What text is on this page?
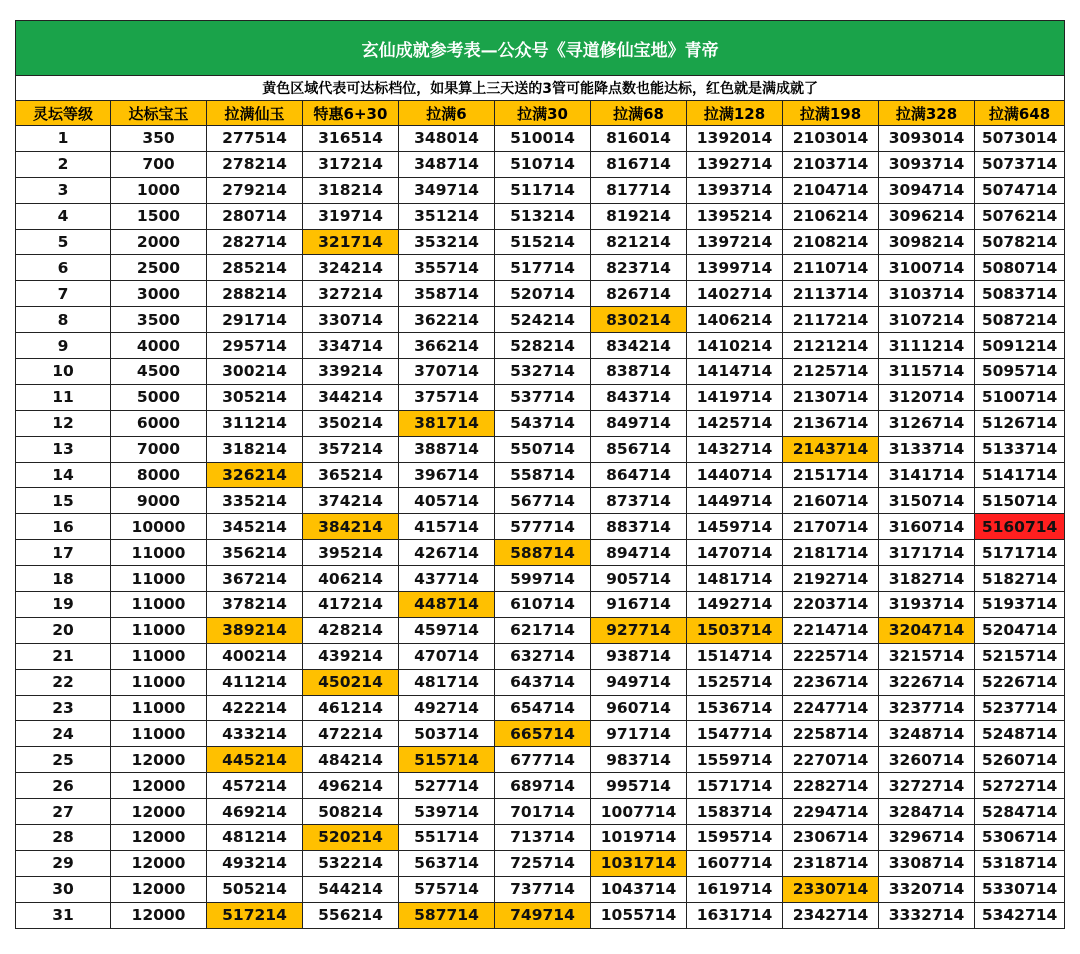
玄仙成就参考表—公众号《寻道修仙宝地》青帝										
黄色区域代表可达标档位，如果算上三天送的3管可能降点数也能达标，红色就是满成就了										
灵坛等级	达标宝玉	拉满仙玉	特惠6+30	拉满6	拉满30	拉满68	拉满128	拉满198	拉满328	拉满648
1	350	277514	316514	348014	510014	816014	1392014	2103014	3093014	5073014
2	700	278214	317214	348714	510714	816714	1392714	2103714	3093714	5073714
3	1000	279214	318214	349714	511714	817714	1393714	2104714	3094714	5074714
4	1500	280714	319714	351214	513214	819214	1395214	2106214	3096214	5076214
5	2000	282714	321714	353214	515214	821214	1397214	2108214	3098214	5078214
6	2500	285214	324214	355714	517714	823714	1399714	2110714	3100714	5080714
7	3000	288214	327214	358714	520714	826714	1402714	2113714	3103714	5083714
8	3500	291714	330714	362214	524214	830214	1406214	2117214	3107214	5087214
9	4000	295714	334714	366214	528214	834214	1410214	2121214	3111214	5091214
10	4500	300214	339214	370714	532714	838714	1414714	2125714	3115714	5095714
11	5000	305214	344214	375714	537714	843714	1419714	2130714	3120714	5100714
12	6000	311214	350214	381714	543714	849714	1425714	2136714	3126714	5126714
13	7000	318214	357214	388714	550714	856714	1432714	2143714	3133714	5133714
14	8000	326214	365214	396714	558714	864714	1440714	2151714	3141714	5141714
15	9000	335214	374214	405714	567714	873714	1449714	2160714	3150714	5150714
16	10000	345214	384214	415714	577714	883714	1459714	2170714	3160714	5160714
17	11000	356214	395214	426714	588714	894714	1470714	2181714	3171714	5171714
18	11000	367214	406214	437714	599714	905714	1481714	2192714	3182714	5182714
19	11000	378214	417214	448714	610714	916714	1492714	2203714	3193714	5193714
20	11000	389214	428214	459714	621714	927714	1503714	2214714	3204714	5204714
21	11000	400214	439214	470714	632714	938714	1514714	2225714	3215714	5215714
22	11000	411214	450214	481714	643714	949714	1525714	2236714	3226714	5226714
23	11000	422214	461214	492714	654714	960714	1536714	2247714	3237714	5237714
24	11000	433214	472214	503714	665714	971714	1547714	2258714	3248714	5248714
25	12000	445214	484214	515714	677714	983714	1559714	2270714	3260714	5260714
26	12000	457214	496214	527714	689714	995714	1571714	2282714	3272714	5272714
27	12000	469214	508214	539714	701714	1007714	1583714	2294714	3284714	5284714
28	12000	481214	520214	551714	713714	1019714	1595714	2306714	3296714	5306714
29	12000	493214	532214	563714	725714	1031714	1607714	2318714	3308714	5318714
30	12000	505214	544214	575714	737714	1043714	1619714	2330714	3320714	5330714
31	12000	517214	556214	587714	749714	1055714	1631714	2342714	3332714	5342714
